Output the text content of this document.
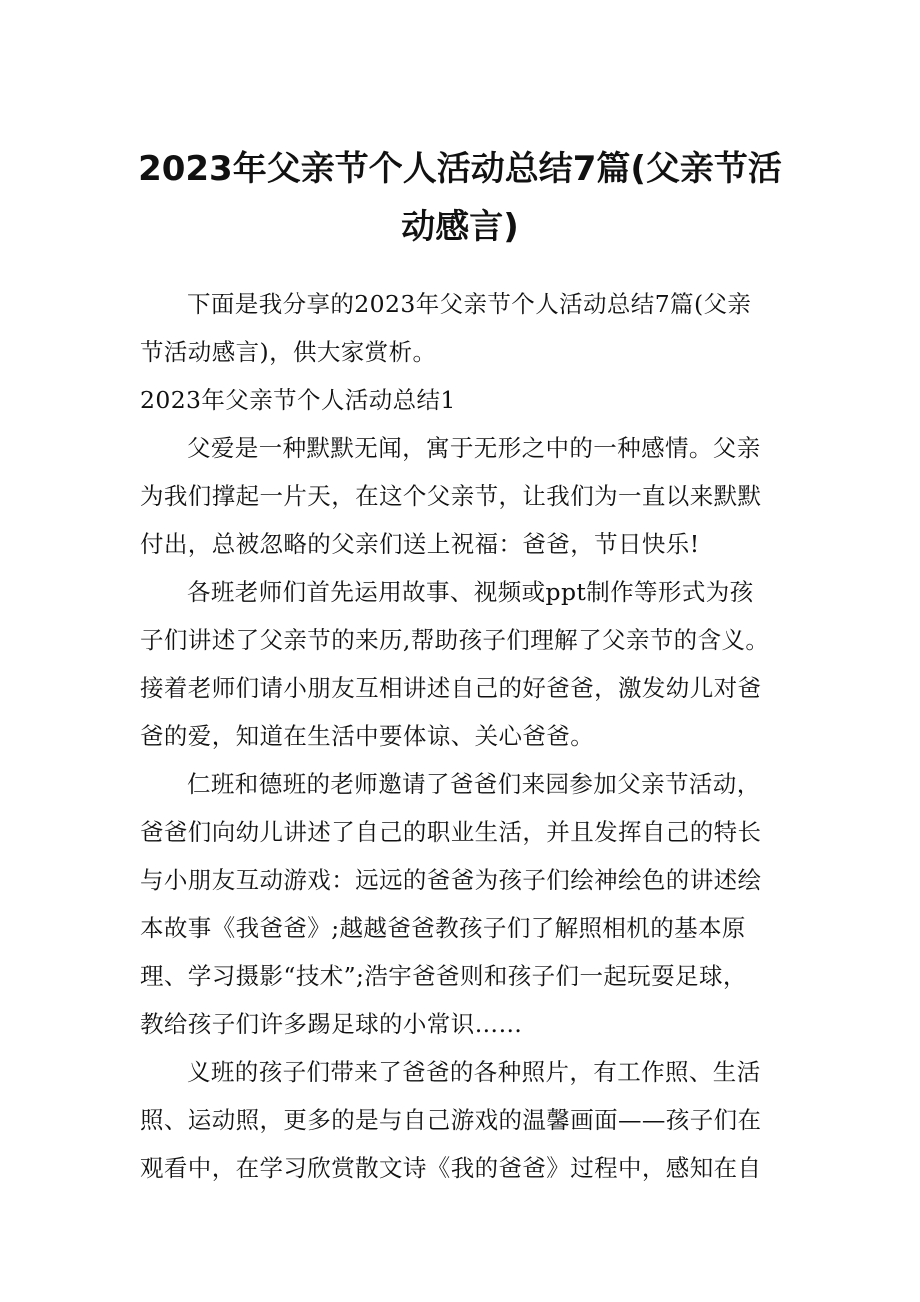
2023年父亲节个人活动总结7篇(父亲节活
动感言)

下面是我分享的2023年父亲节个人活动总结7篇(父亲
节活动感言)，供大家赏析。

2023年父亲节个人活动总结1

父爱是一种默默无闻，寓于无形之中的一种感情。父亲
为我们撑起一片天，在这个父亲节，让我们为一直以来默默
付出，总被忽略的父亲们送上祝福：爸爸，节日快乐!

各班老师们首先运用故事、视频或ppt制作等形式为孩
子们讲述了父亲节的来历,帮助孩子们理解了父亲节的含义。
接着老师们请小朋友互相讲述自己的好爸爸，激发幼儿对爸
爸的爱，知道在生活中要体谅、关心爸爸。

仁班和德班的老师邀请了爸爸们来园参加父亲节活动，
爸爸们向幼儿讲述了自己的职业生活，并且发挥自己的特长
与小朋友互动游戏：远远的爸爸为孩子们绘神绘色的讲述绘
本故事《我爸爸》;越越爸爸教孩子们了解照相机的基本原
理、学习摄影“技术”;浩宇爸爸则和孩子们一起玩耍足球，
教给孩子们许多踢足球的小常识……

义班的孩子们带来了爸爸的各种照片，有工作照、生活
照、运动照，更多的是与自己游戏的温馨画面——孩子们在
观看中，在学习欣赏散文诗《我的爸爸》过程中，感知在自
